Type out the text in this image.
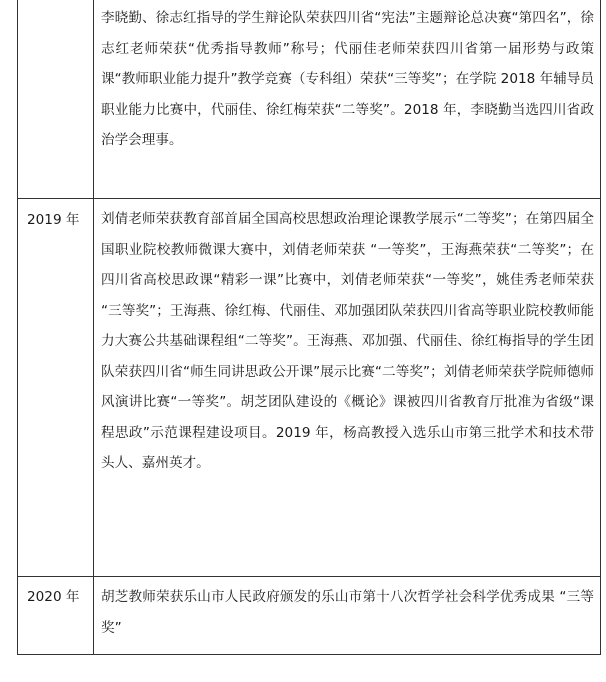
	李晓勤、徐志红指导的学生辩论队荣获四川省“宪法”主题辩论总决赛“第四名”，徐志红老师荣获“优秀指导教师”称号；代丽佳老师荣获四川省第一届形势与政策课“教师职业能力提升”教学竞赛（专科组）荣获“三等奖”；在学院 2018 年辅导员职业能力比赛中，代丽佳、徐红梅荣获“二等奖”。2018 年，李晓勤当选四川省政治学会理事。
2019 年	刘倩老师荣获教育部首届全国高校思想政治理论课教学展示“二等奖”；在第四届全国职业院校教师微课大赛中，刘倩老师荣获 “一等奖”，王海燕荣获“二等奖”；在四川省高校思政课“精彩一课”比赛中，刘倩老师荣获“一等奖”，姚佳秀老师荣获 “三等奖”；王海燕、徐红梅、代丽佳、邓加强团队荣获四川省高等职业院校教师能力大赛公共基础课程组“二等奖”。王海燕、邓加强、代丽佳、徐红梅指导的学生团队荣获四川省“师生同讲思政公开课”展示比赛“二等奖”；刘倩老师荣获学院师德师风演讲比赛“一等奖”。胡芝团队建设的《概论》课被四川省教育厅批准为省级“课程思政”示范课程建设项目。2019 年，杨高教授入选乐山市第三批学术和技术带头人、嘉州英才。
2020 年	胡芝教师荣获乐山市人民政府颁发的乐山市第十八次哲学社会科学优秀成果 “三等奖”
